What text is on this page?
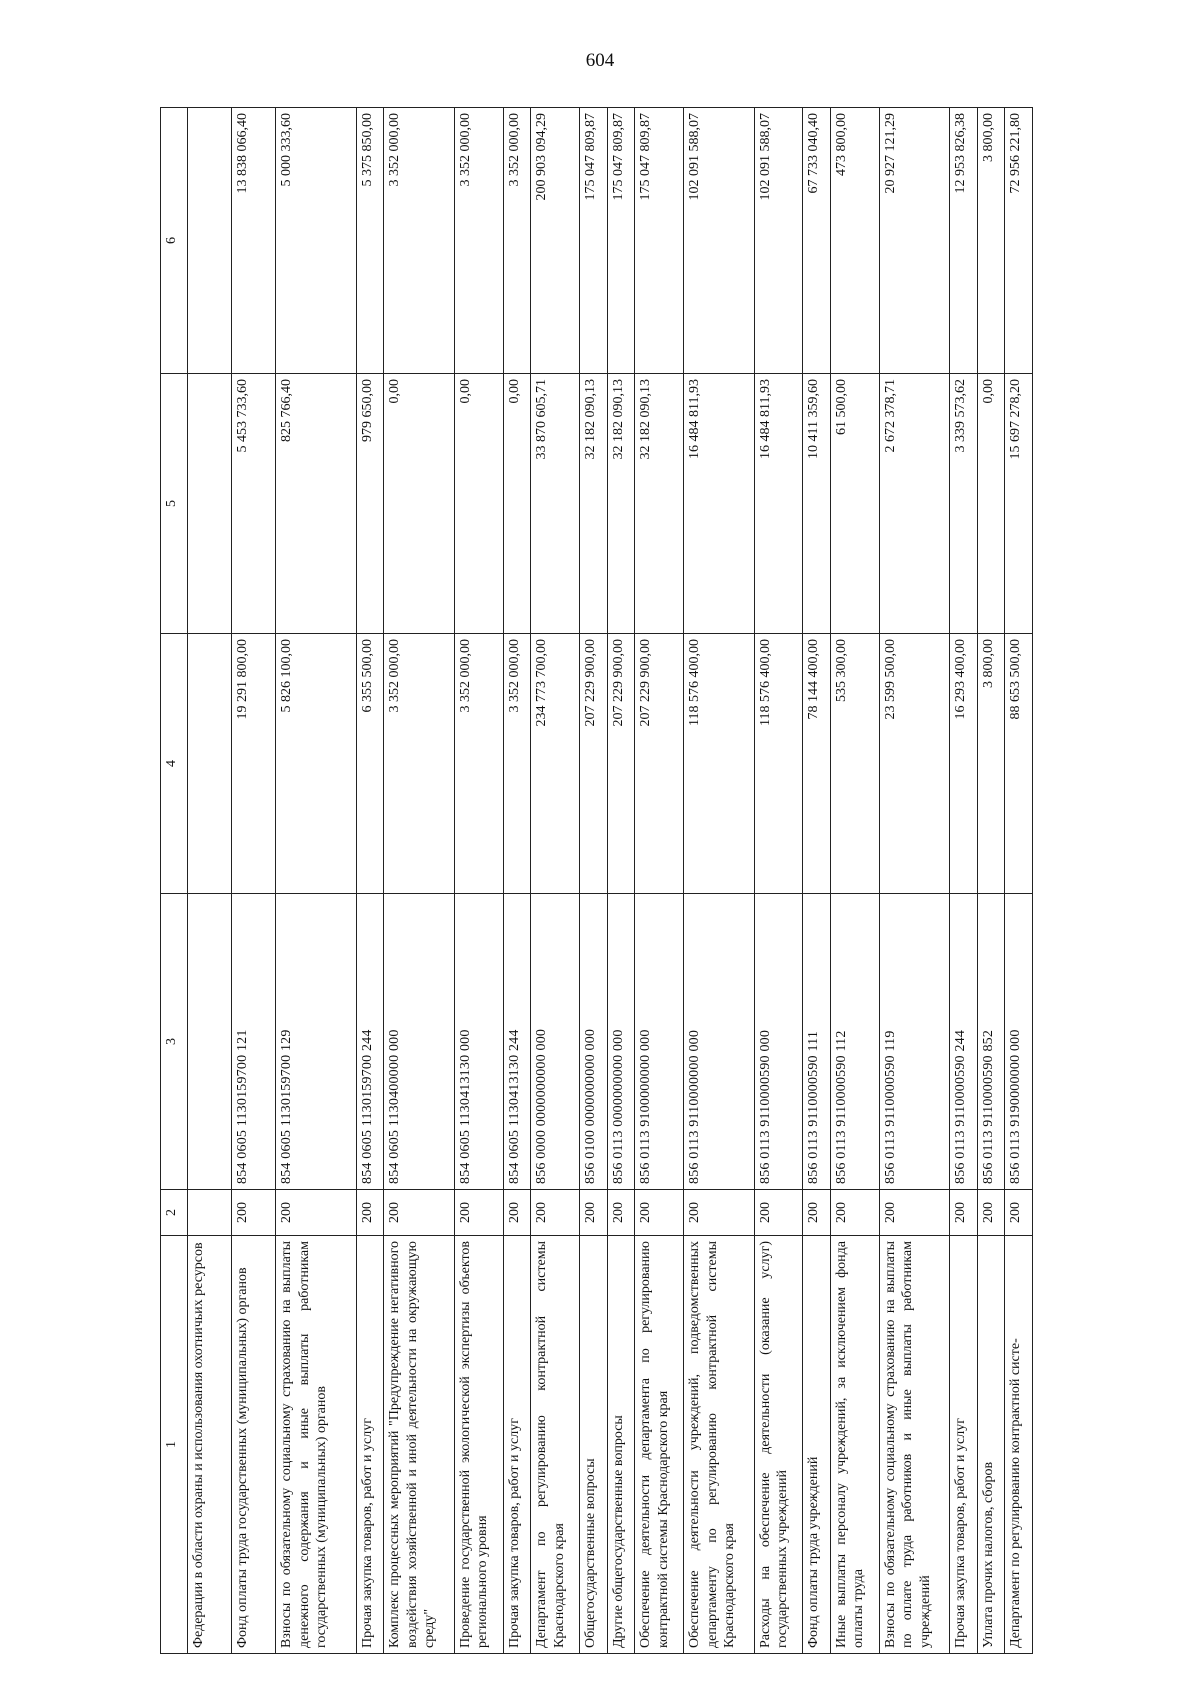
604
1	2	3	4	5	6
Федерации в области охраны и использования охотничьих ресурсов					
Фонд оплаты труда государственных (муниципальных) органов	200	854 0605 1130159700 121	19 291 800,00	5 453 733,60	13 838 066,40
Взносы по обязательному социальному страхованию на выплаты денежного содержания и иные выплаты работникам государственных (муниципальных) органов	200	854 0605 1130159700 129	5 826 100,00	825 766,40	5 000 333,60
Прочая закупка товаров, работ и услуг	200	854 0605 1130159700 244	6 355 500,00	979 650,00	5 375 850,00
Комплекс процессных мероприятий "Предупреждение негативного воздействия хозяйственной и иной деятельности на окружающую среду"	200	854 0605 1130400000 000	3 352 000,00	0,00	3 352 000,00
Проведение государственной экологической экспертизы объектов регионального уровня	200	854 0605 1130413130 000	3 352 000,00	0,00	3 352 000,00
Прочая закупка товаров, работ и услуг	200	854 0605 1130413130 244	3 352 000,00	0,00	3 352 000,00
Департамент по регулированию контрактной системы Краснодарского края	200	856 0000 0000000000 000	234 773 700,00	33 870 605,71	200 903 094,29
Общегосударственные вопросы	200	856 0100 0000000000 000	207 229 900,00	32 182 090,13	175 047 809,87
Другие общегосударственные вопросы	200	856 0113 0000000000 000	207 229 900,00	32 182 090,13	175 047 809,87
Обеспечение деятельности департамента по регулированию контрактной системы Краснодарского края	200	856 0113 9100000000 000	207 229 900,00	32 182 090,13	175 047 809,87
Обеспечение деятельности учреждений, подведомственных департаменту по регулированию контрактной системы Краснодарского края	200	856 0113 9110000000 000	118 576 400,00	16 484 811,93	102 091 588,07
Расходы на обеспечение деятельности (оказание услуг) государственных учреждений	200	856 0113 9110000590 000	118 576 400,00	16 484 811,93	102 091 588,07
Фонд оплаты труда учреждений	200	856 0113 9110000590 111	78 144 400,00	10 411 359,60	67 733 040,40
Иные выплаты персоналу учреждений, за исключением фонда оплаты труда	200	856 0113 9110000590 112	535 300,00	61 500,00	473 800,00
Взносы по обязательному социальному страхованию на выплаты по оплате труда работников и иные выплаты работникам учреждений	200	856 0113 9110000590 119	23 599 500,00	2 672 378,71	20 927 121,29
Прочая закупка товаров, работ и услуг	200	856 0113 9110000590 244	16 293 400,00	3 339 573,62	12 953 826,38
Уплата прочих налогов, сборов	200	856 0113 9110000590 852	3 800,00	0,00	3 800,00
Департамент по регулированию контрактной систе-	200	856 0113 9190000000 000	88 653 500,00	15 697 278,20	72 956 221,80
